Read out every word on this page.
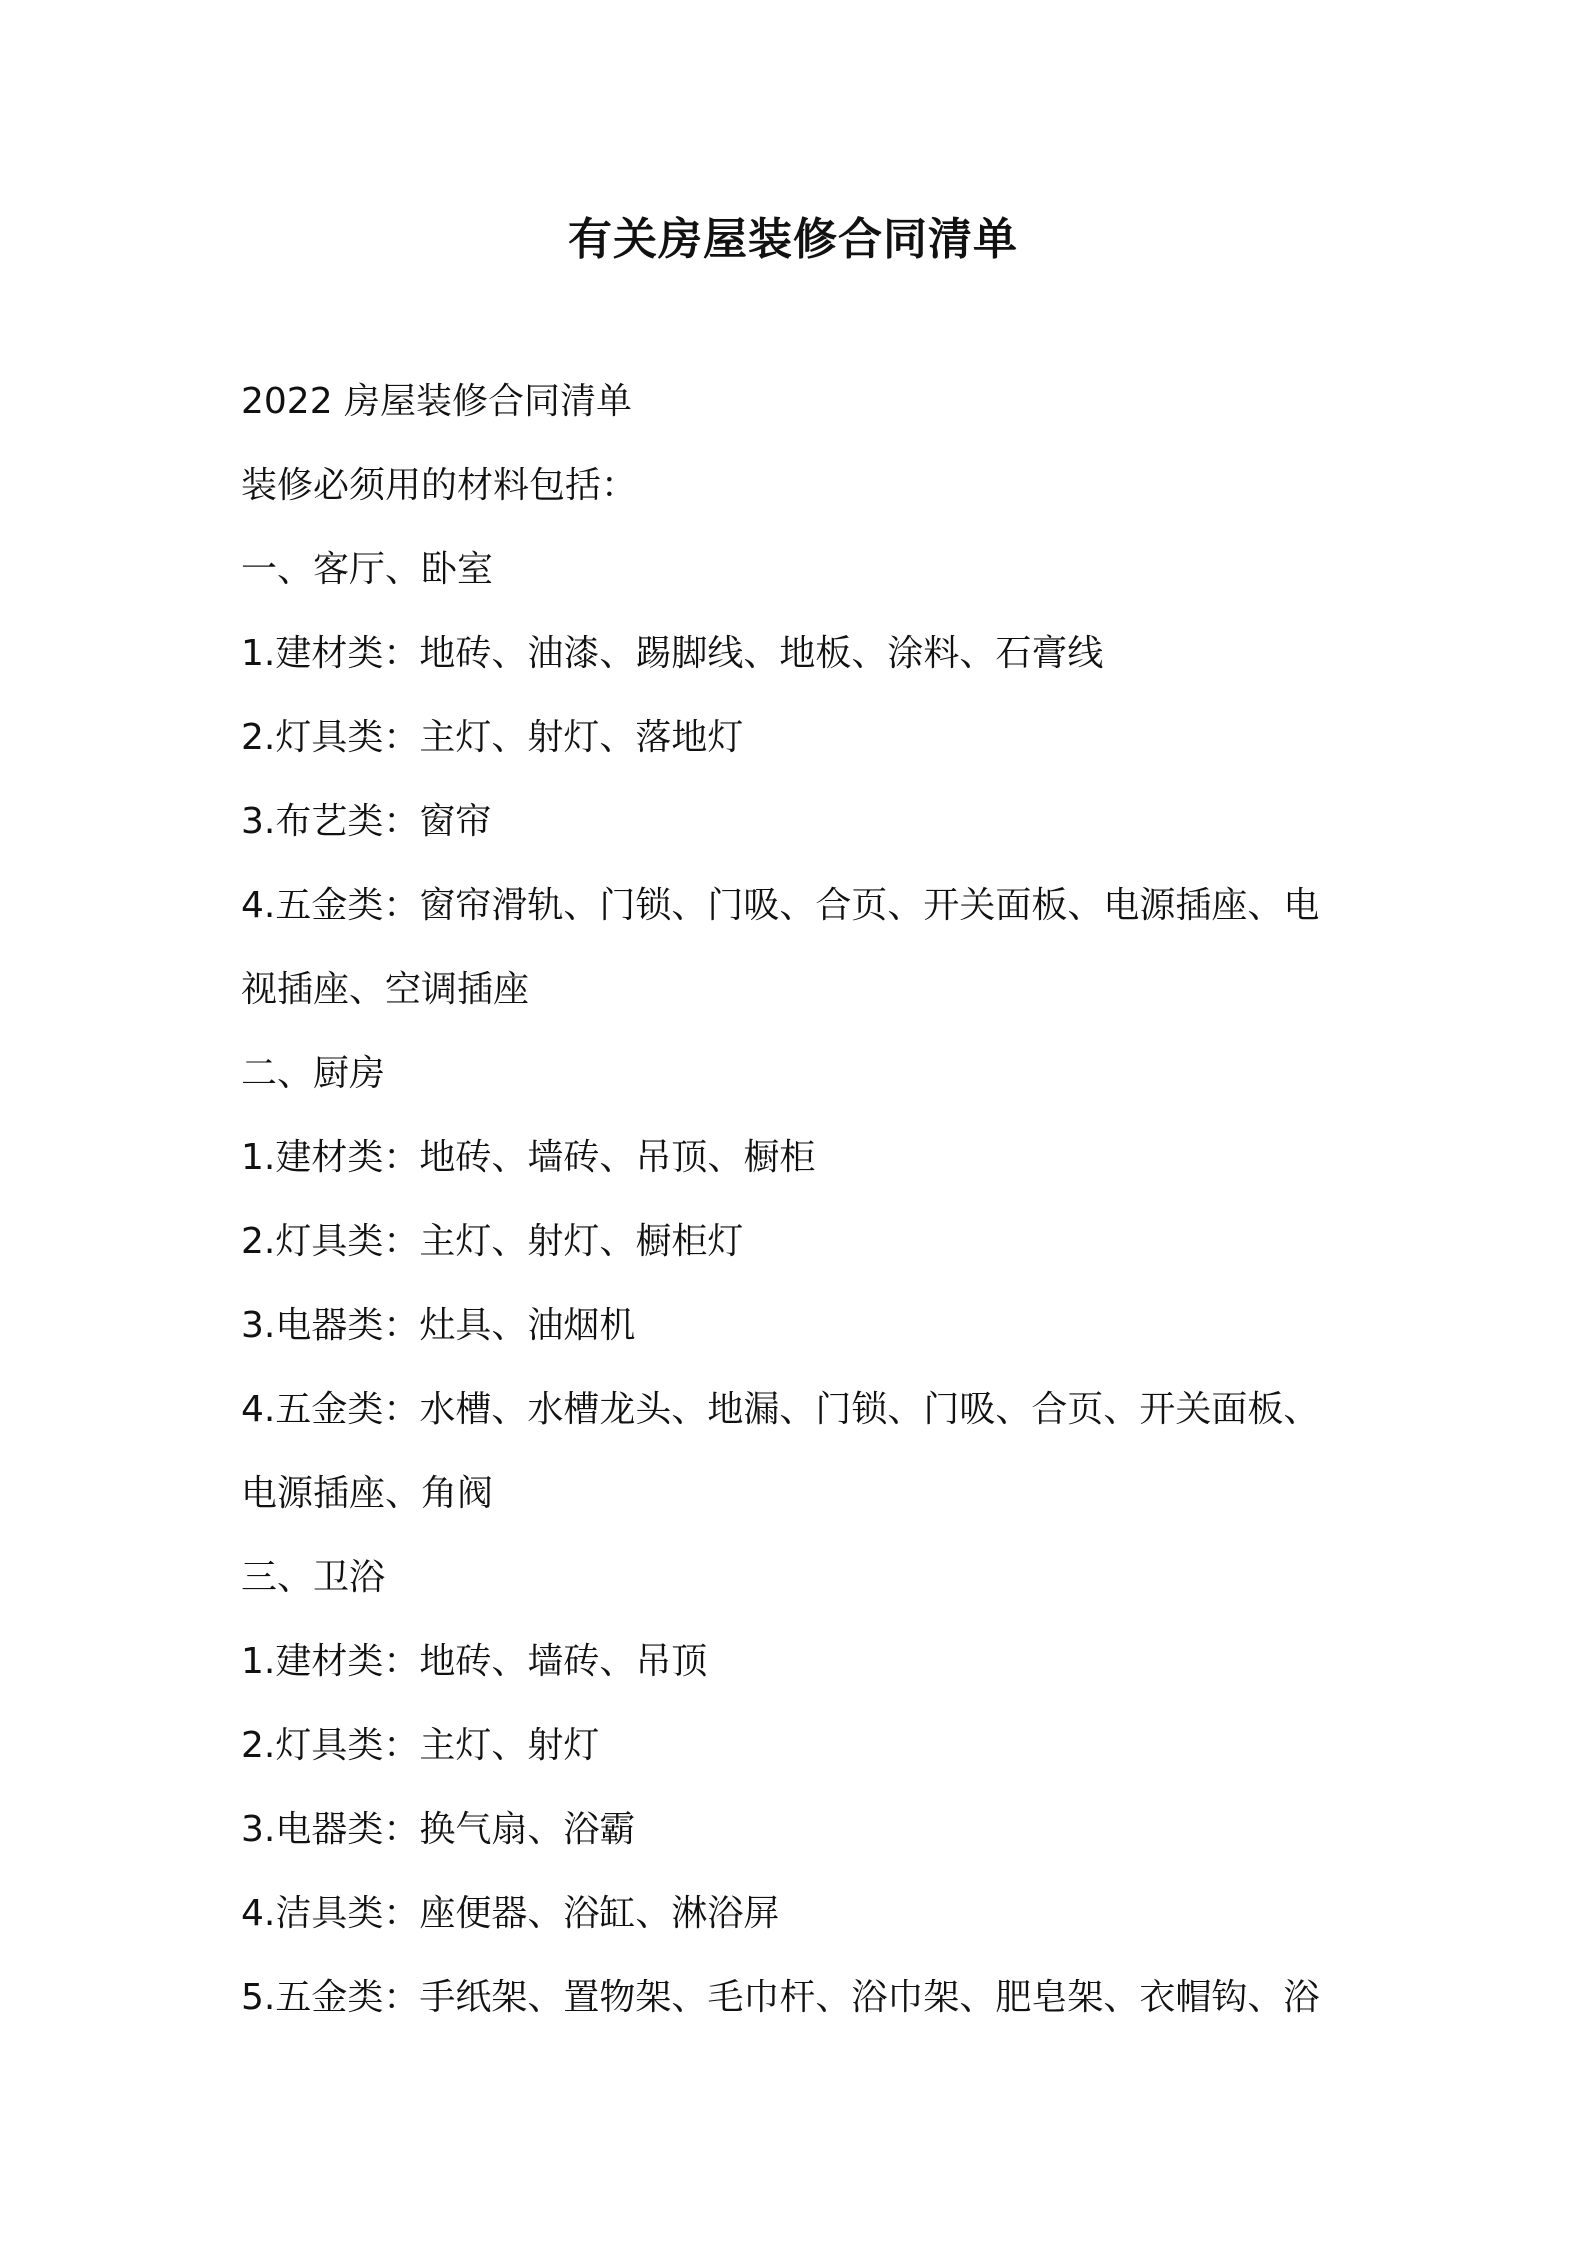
有关房屋装修合同清单
2022 房屋装修合同清单
装修必须用的材料包括：
一、客厅、卧室
1.建材类：地砖、油漆、踢脚线、地板、涂料、石膏线
2.灯具类：主灯、射灯、落地灯
3.布艺类：窗帘
4.五金类：窗帘滑轨、门锁、门吸、合页、开关面板、电源插座、电
视插座、空调插座
二、厨房
1.建材类：地砖、墙砖、吊顶、橱柜
2.灯具类：主灯、射灯、橱柜灯
3.电器类：灶具、油烟机
4.五金类：水槽、水槽龙头、地漏、门锁、门吸、合页、开关面板、
电源插座、角阀
三、卫浴
1.建材类：地砖、墙砖、吊顶
2.灯具类：主灯、射灯
3.电器类：换气扇、浴霸
4.洁具类：座便器、浴缸、淋浴屏
5.五金类：手纸架、置物架、毛巾杆、浴巾架、肥皂架、衣帽钩、浴
